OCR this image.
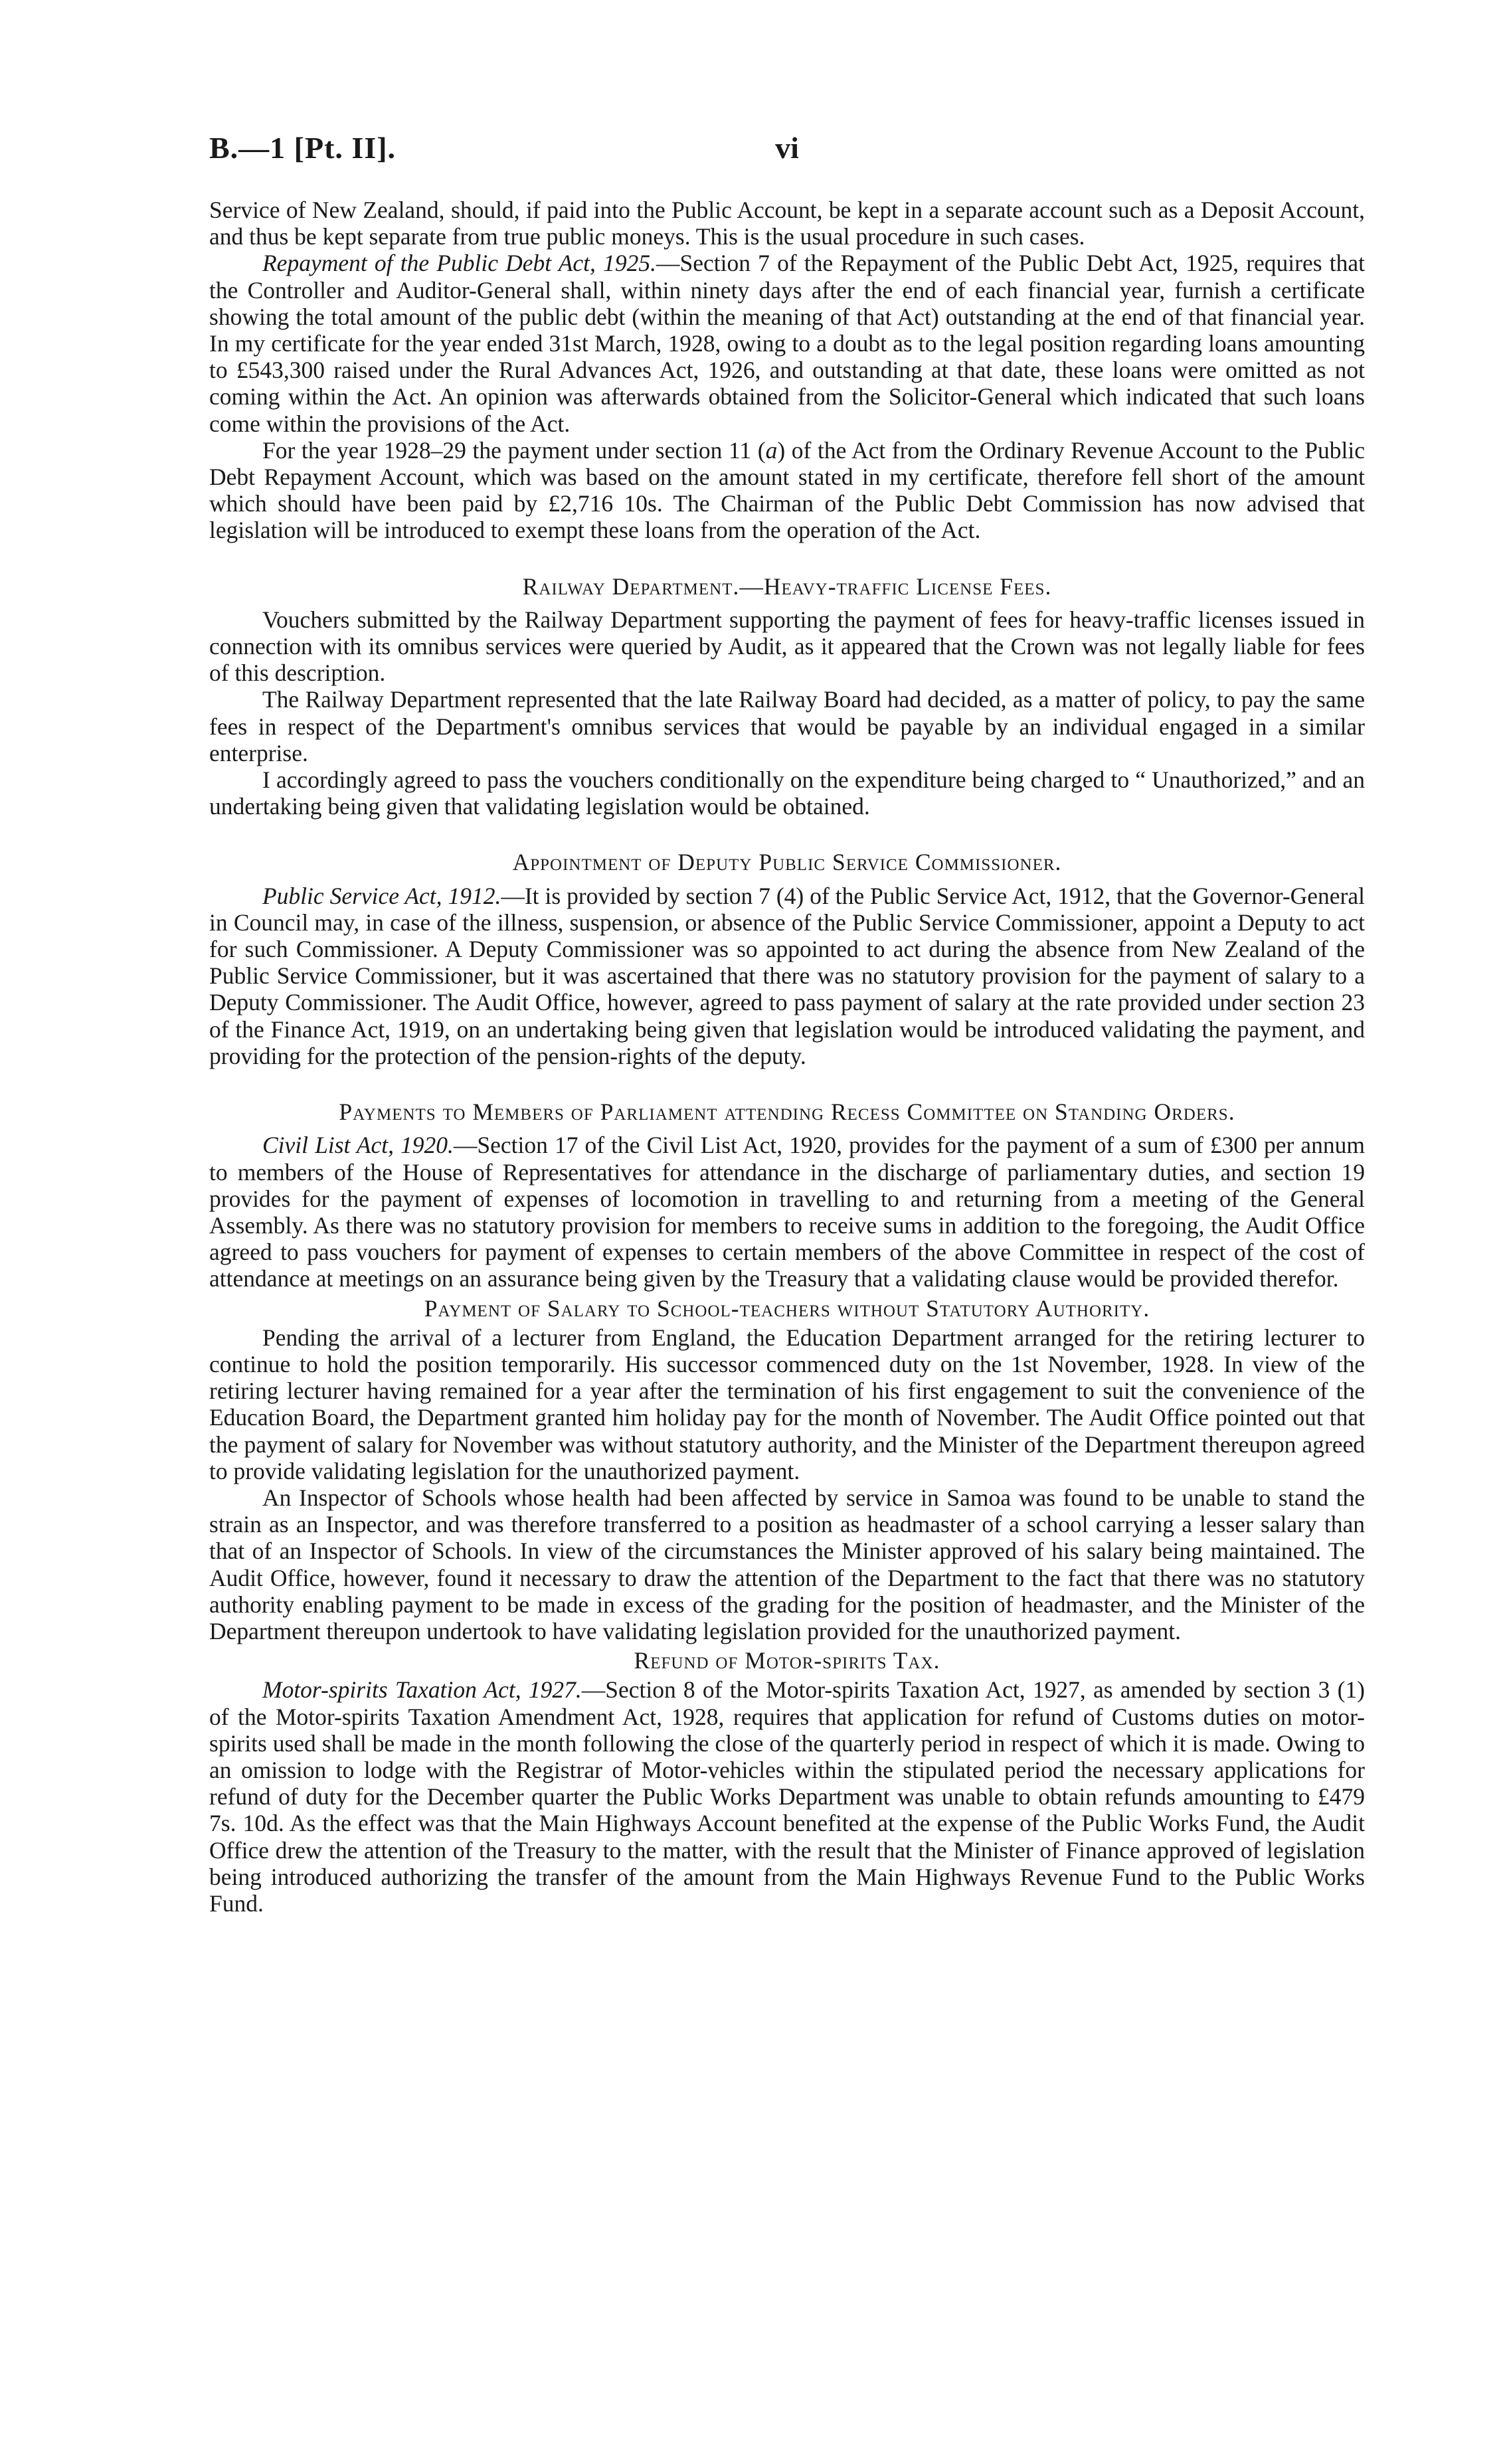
vi
B.—1 [Pt. II].

Service of New Zealand, should, if paid into the Public Account, be kept in a separate account such as a Deposit Account, and thus be kept separate from true public moneys. This is the usual procedure in such cases.

Repayment of the Public Debt Act, 1925.—Section 7 of the Repayment of the Public Debt Act, 1925, requires that the Controller and Auditor-General shall, within ninety days after the end of each financial year, furnish a certificate showing the total amount of the public debt (within the meaning of that Act) outstanding at the end of that financial year. In my certificate for the year ended 31st March, 1928, owing to a doubt as to the legal position regarding loans amounting to £543,300 raised under the Rural Advances Act, 1926, and outstanding at that date, these loans were omitted as not coming within the Act. An opinion was afterwards obtained from the Solicitor-General which indicated that such loans come within the provisions of the Act.

For the year 1928–29 the payment under section 11 (a) of the Act from the Ordinary Revenue Account to the Public Debt Repayment Account, which was based on the amount stated in my certificate, therefore fell short of the amount which should have been paid by £2,716 10s. The Chairman of the Public Debt Commission has now advised that legislation will be introduced to exempt these loans from the operation of the Act.

Railway Department.—Heavy-traffic License Fees.

Vouchers submitted by the Railway Department supporting the payment of fees for heavy-traffic licenses issued in connection with its omnibus services were queried by Audit, as it appeared that the Crown was not legally liable for fees of this description.

The Railway Department represented that the late Railway Board had decided, as a matter of policy, to pay the same fees in respect of the Department's omnibus services that would be payable by an individual engaged in a similar enterprise.

I accordingly agreed to pass the vouchers conditionally on the expenditure being charged to “ Unauthorized,” and an undertaking being given that validating legislation would be obtained.

Appointment of Deputy Public Service Commissioner.

Public Service Act, 1912.—It is provided by section 7 (4) of the Public Service Act, 1912, that the Governor-General in Council may, in case of the illness, suspension, or absence of the Public Service Commissioner, appoint a Deputy to act for such Commissioner. A Deputy Commissioner was so appointed to act during the absence from New Zealand of the Public Service Commissioner, but it was ascertained that there was no statutory provision for the payment of salary to a Deputy Commissioner. The Audit Office, however, agreed to pass payment of salary at the rate provided under section 23 of the Finance Act, 1919, on an undertaking being given that legislation would be introduced validating the payment, and providing for the protection of the pension-rights of the deputy.

Payments to Members of Parliament attending Recess Committee on Standing Orders.

Civil List Act, 1920.—Section 17 of the Civil List Act, 1920, provides for the payment of a sum of £300 per annum to members of the House of Representatives for attendance in the discharge of parliamentary duties, and section 19 provides for the payment of expenses of locomotion in travelling to and returning from a meeting of the General Assembly. As there was no statutory provision for members to receive sums in addition to the foregoing, the Audit Office agreed to pass vouchers for payment of expenses to certain members of the above Committee in respect of the cost of attendance at meetings on an assurance being given by the Treasury that a validating clause would be provided therefor.

Payment of Salary to School-teachers without Statutory Authority.

Pending the arrival of a lecturer from England, the Education Department arranged for the retiring lecturer to continue to hold the position temporarily. His successor commenced duty on the 1st November, 1928. In view of the retiring lecturer having remained for a year after the termination of his first engagement to suit the convenience of the Education Board, the Department granted him holiday pay for the month of November. The Audit Office pointed out that the payment of salary for November was without statutory authority, and the Minister of the Department thereupon agreed to provide validating legislation for the unauthorized payment.

An Inspector of Schools whose health had been affected by service in Samoa was found to be unable to stand the strain as an Inspector, and was therefore transferred to a position as headmaster of a school carrying a lesser salary than that of an Inspector of Schools. In view of the circumstances the Minister approved of his salary being maintained. The Audit Office, however, found it necessary to draw the attention of the Department to the fact that there was no statutory authority enabling payment to be made in excess of the grading for the position of headmaster, and the Minister of the Department thereupon undertook to have validating legislation provided for the unauthorized payment.

Refund of Motor-spirits Tax.

Motor-spirits Taxation Act, 1927.—Section 8 of the Motor-spirits Taxation Act, 1927, as amended by section 3 (1) of the Motor-spirits Taxation Amendment Act, 1928, requires that application for refund of Customs duties on motor-spirits used shall be made in the month following the close of the quarterly period in respect of which it is made. Owing to an omission to lodge with the Registrar of Motor-vehicles within the stipulated period the necessary applications for refund of duty for the December quarter the Public Works Department was unable to obtain refunds amounting to £479 7s. 10d. As the effect was that the Main Highways Account benefited at the expense of the Public Works Fund, the Audit Office drew the attention of the Treasury to the matter, with the result that the Minister of Finance approved of legislation being introduced authorizing the transfer of the amount from the Main Highways Revenue Fund to the Public Works Fund.
